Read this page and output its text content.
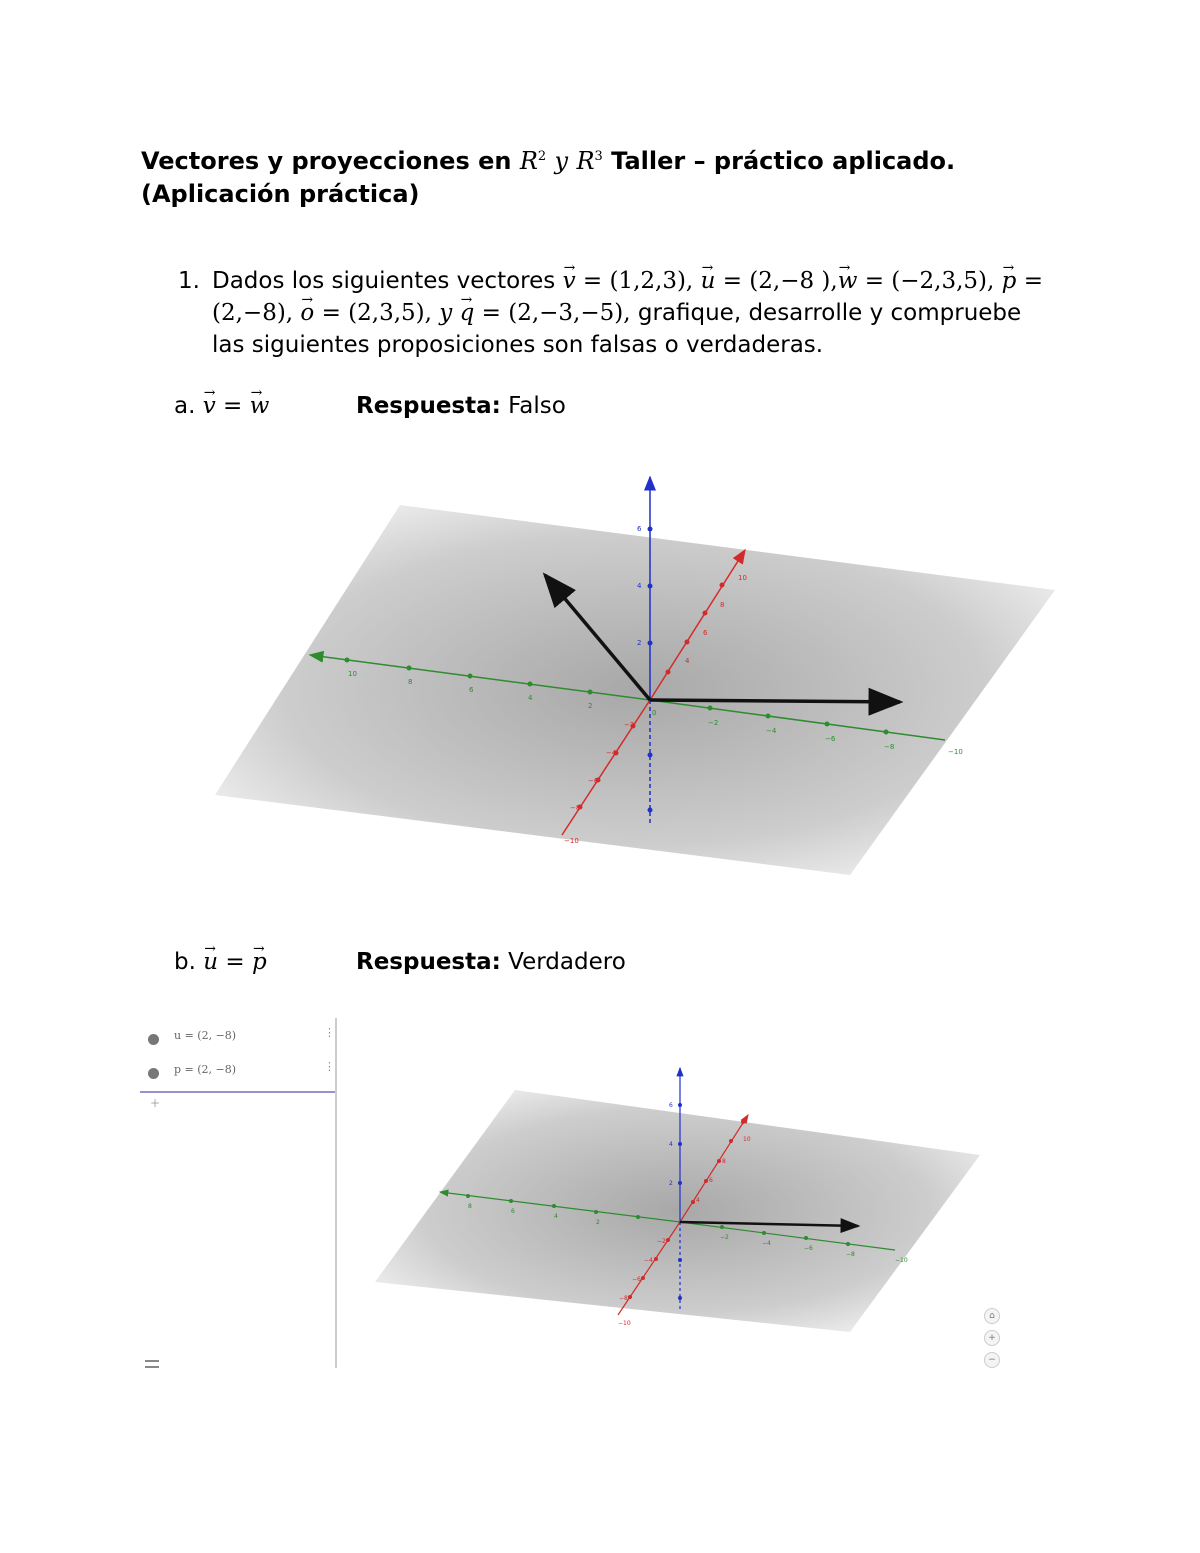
Vectores y proyecciones en $R^2$ y $R^3$ Taller – práctico aplicado.
(Aplicación práctica)
1. Dados los siguientes vectores → v = (1,2,3), → u = (2,−8 ),→ w = (−2,3,5), → p = (2,−8), → o = (2,3,5), y → q = (2,−3,−5), grafique, desarrolle y compruebe las siguientes proposiciones son falsas o verdaderas.
a. → v = → w	Respuesta: Falso
10
8
6
4
2
0
−2
−4
−6
−8
−10
10
8
6
4
−2
−4
−6
−8
−10
6
4
2
b. → u = → p	Respuesta: Verdadero
u = (2, −8)	⋮
p = (2, −8)	⋮
+
8
6
4
2
−2
−4
−6
−8
−10
10
8
6
4
−2
−4
−6
−8
−10
6
4
2
⌂
+
−
